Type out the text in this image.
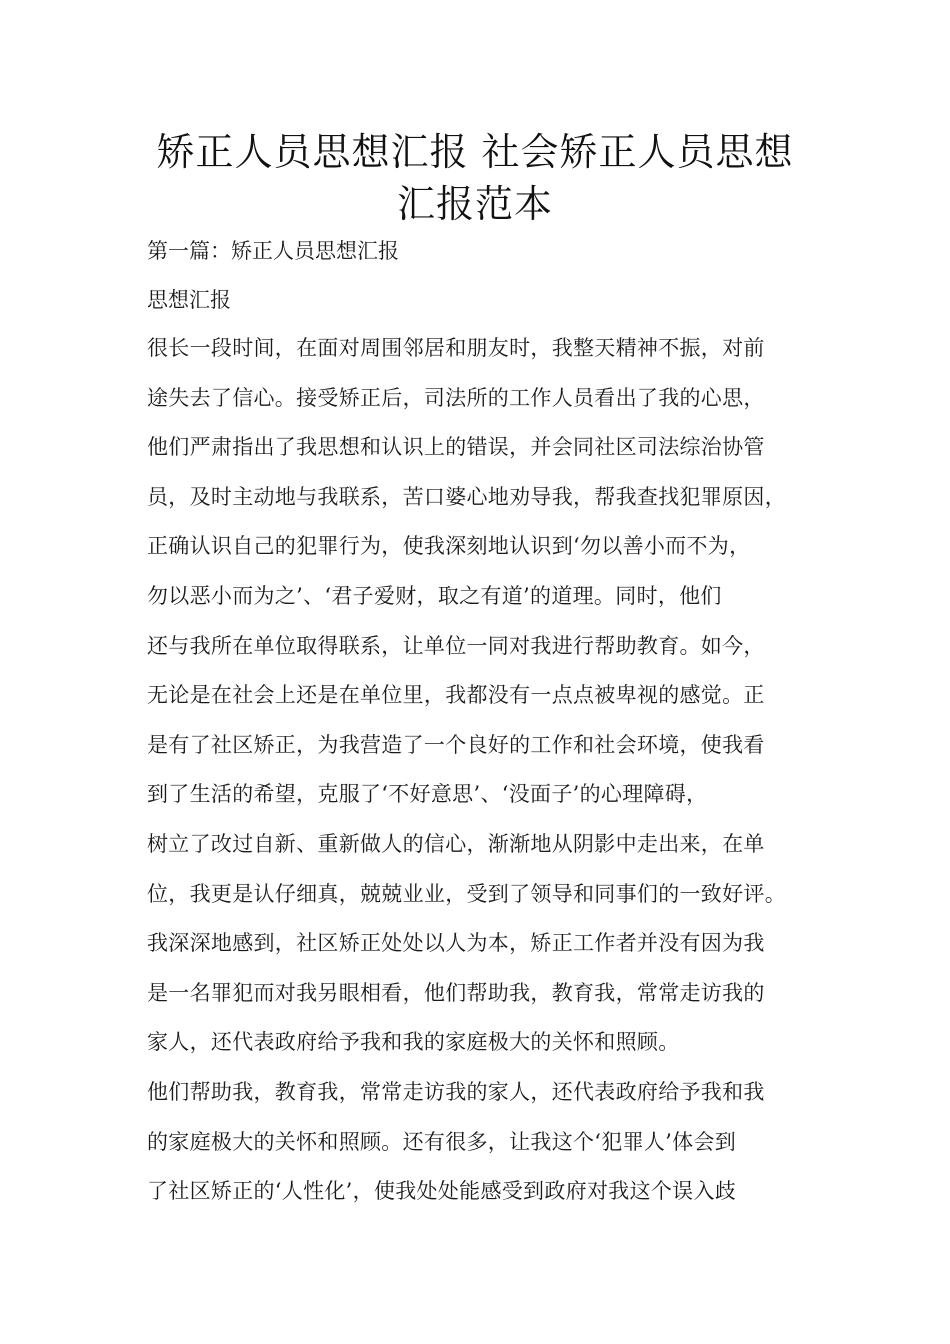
矫正人员思想汇报 社会矫正人员思想
汇报范本

第一篇：矫正人员思想汇报

思想汇报

很长一段时间，在面对周围邻居和朋友时，我整天精神不振，对前
途失去了信心。接受矫正后，司法所的工作人员看出了我的心思，
他们严肃指出了我思想和认识上的错误，并会同社区司法综治协管
员，及时主动地与我联系，苦口婆心地劝导我，帮我查找犯罪原因，
正确认识自己的犯罪行为，使我深刻地认识到‘勿以善小而不为，
勿以恶小而为之’、‘君子爱财，取之有道’的道理。同时，他们
还与我所在单位取得联系，让单位一同对我进行帮助教育。如今，
无论是在社会上还是在单位里，我都没有一点点被卑视的感觉。正
是有了社区矫正，为我营造了一个良好的工作和社会环境，使我看
到了生活的希望，克服了‘不好意思’、‘没面子’的心理障碍，
树立了改过自新、重新做人的信心，渐渐地从阴影中走出来，在单
位，我更是认仔细真，兢兢业业，受到了领导和同事们的一致好评。
我深深地感到，社区矫正处处以人为本，矫正工作者并没有因为我
是一名罪犯而对我另眼相看，他们帮助我，教育我，常常走访我的
家人，还代表政府给予我和我的家庭极大的关怀和照顾。
他们帮助我，教育我，常常走访我的家人，还代表政府给予我和我
的家庭极大的关怀和照顾。还有很多，让我这个‘犯罪人’体会到
了社区矫正的‘人性化’，使我处处能感受到政府对我这个误入歧
